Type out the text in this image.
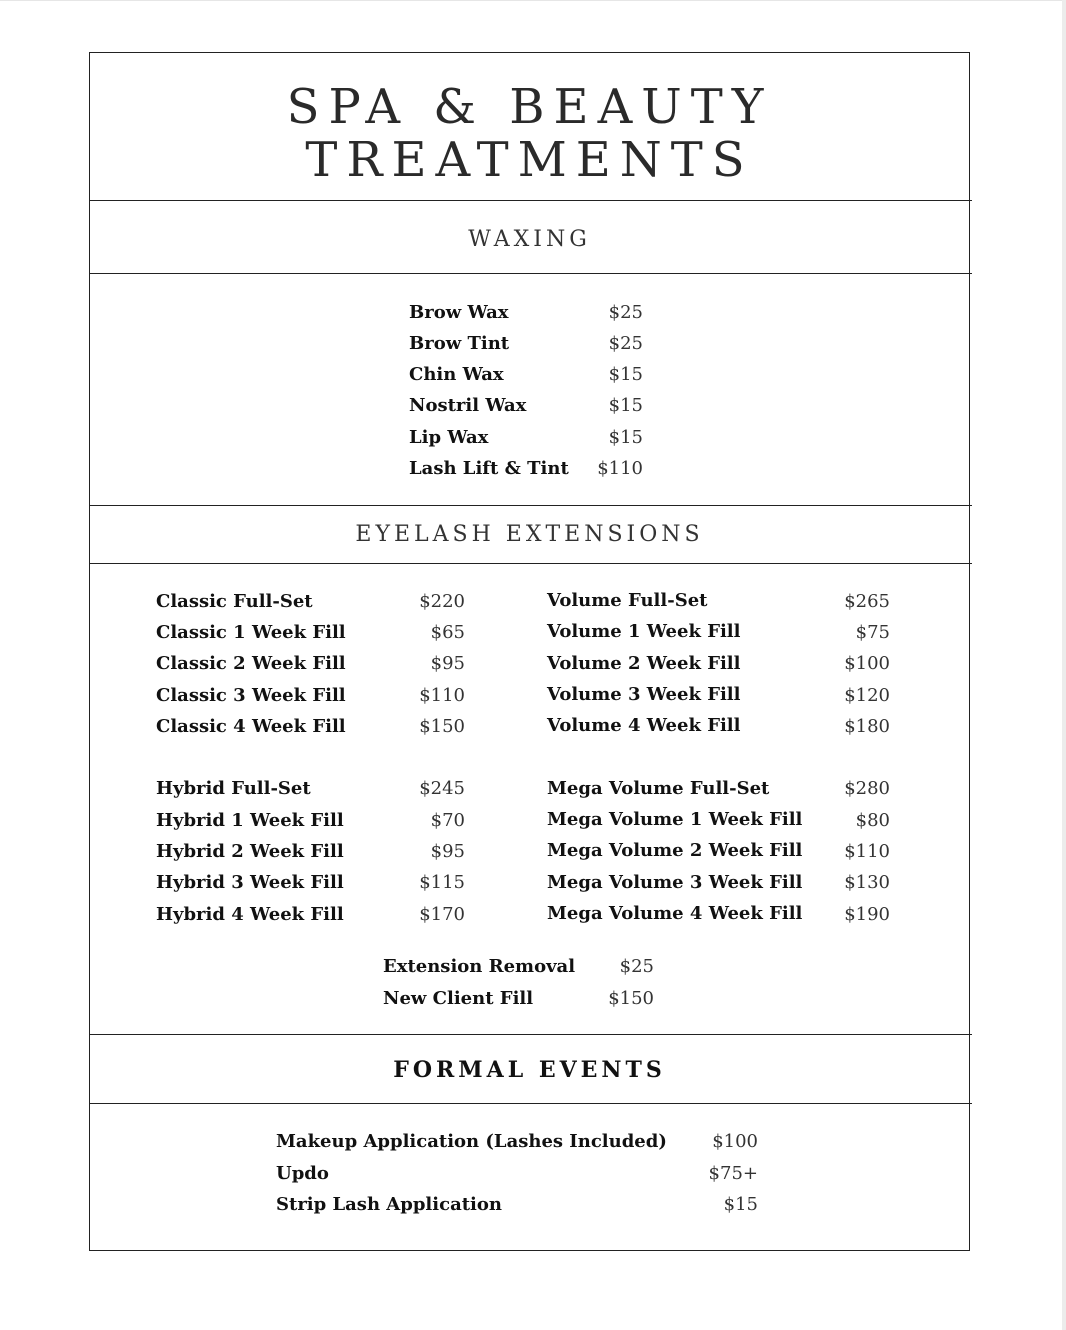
SPA & BEAUTY
TREATMENTS
WAXING
Brow Wax	$25
Brow Tint	$25
Chin Wax	$15
Nostril Wax	$15
Lip Wax	$15
Lash Lift & Tint	$110
EYELASH EXTENSIONS
Classic Full-Set	$220
Classic 1 Week Fill	$65
Classic 2 Week Fill	$95
Classic 3 Week Fill	$110
Classic 4 Week Fill	$150
Volume Full-Set	$265
Volume 1 Week Fill	$75
Volume 2 Week Fill	$100
Volume 3 Week Fill	$120
Volume 4 Week Fill	$180
Hybrid Full-Set	$245
Hybrid 1 Week Fill	$70
Hybrid 2 Week Fill	$95
Hybrid 3 Week Fill	$115
Hybrid 4 Week Fill	$170
Mega Volume Full-Set	$280
Mega Volume 1 Week Fill	$80
Mega Volume 2 Week Fill	$110
Mega Volume 3 Week Fill	$130
Mega Volume 4 Week Fill	$190
Extension Removal	$25
New Client Fill	$150
FORMAL EVENTS
Makeup Application (Lashes Included)	$100
Updo	$75+
Strip Lash Application	$15
